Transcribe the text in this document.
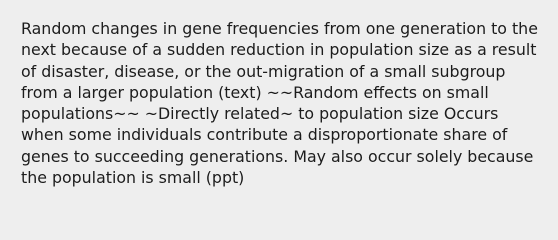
Random changes in gene frequencies from one generation to the
next because of a sudden reduction in population size as a result
of disaster, disease, or the out-migration of a small subgroup
from a larger population (text) ~~Random effects on small
populations~~ ~Directly related~ to population size Occurs
when some individuals contribute a disproportionate share of
genes to succeeding generations. May also occur solely because
the population is small (ppt)
